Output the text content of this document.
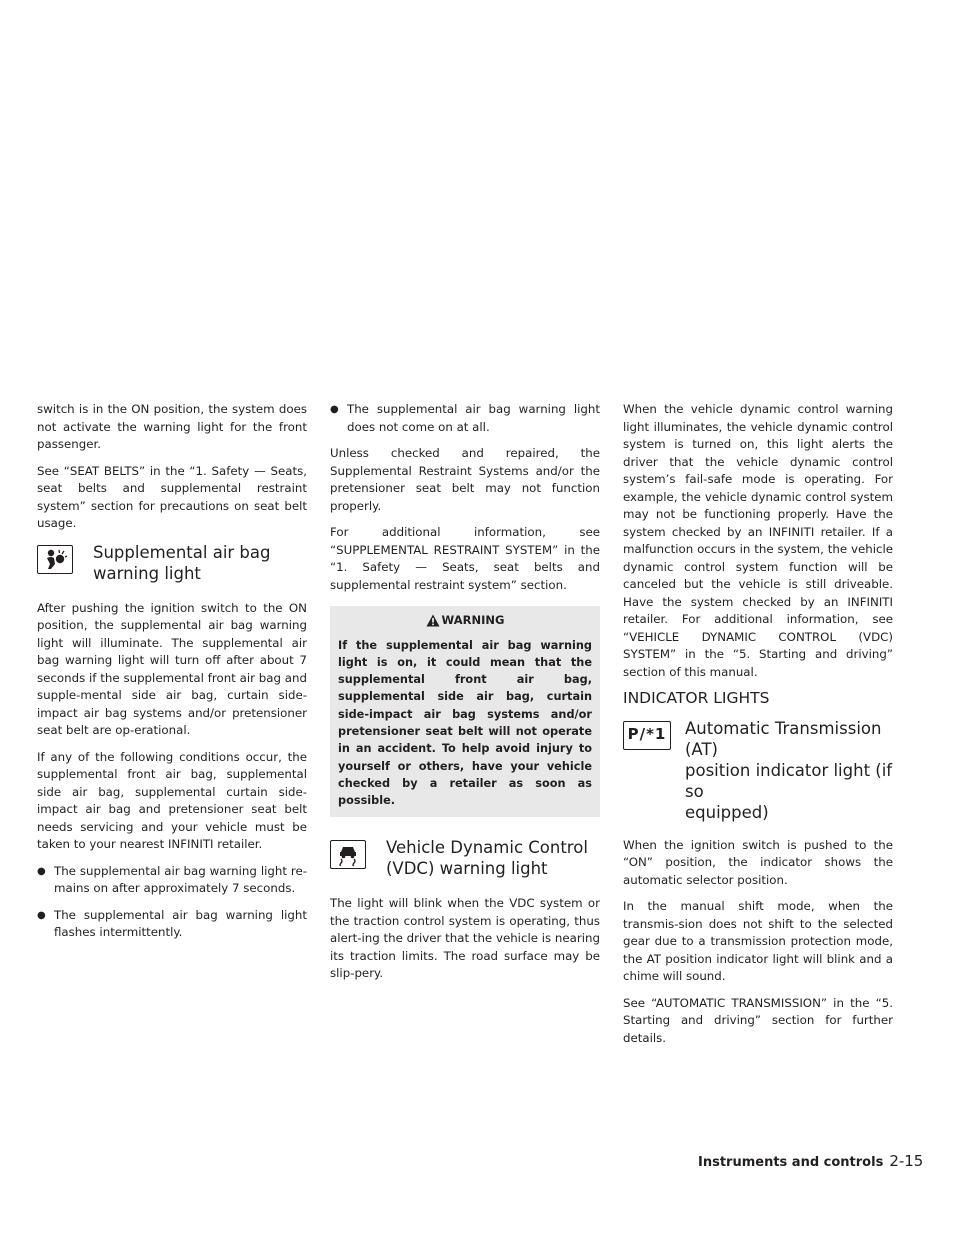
switch is in the ON position, the system does not activate the warning light for the front passenger.

See “SEAT BELTS” in the “1. Safety — Seats, seat belts and supplemental restraint system” section for precautions on seat belt usage.

Supplemental air bag
warning light

After pushing the ignition switch to the ON position, the supplemental air bag warning light will illuminate. The supplemental air bag warning light will turn off after about 7 seconds if the supplemental front air bag and supple-mental side air bag, curtain side-impact air bag systems and/or pretensioner seat belt are op-erational.

If any of the following conditions occur, the supplemental front air bag, supplemental side air bag, supplemental curtain side-impact air bag and pretensioner seat belt needs servicing and your vehicle must be taken to your nearest INFINITI retailer.

● The supplemental air bag warning light re-mains on after approximately 7 seconds.
● The supplemental air bag warning light flashes intermittently.
● The supplemental air bag warning light does not come on at all.

Unless checked and repaired, the Supplemental Restraint Systems and/or the pretensioner seat belt may not function properly.

For additional information, see “SUPPLEMENTAL RESTRAINT SYSTEM” in the “1. Safety — Seats, seat belts and supplemental restraint system” section.

WARNING
If the supplemental air bag warning light is on, it could mean that the supplemental front air bag, supplemental side air bag, curtain side-impact air bag systems and/or pretensioner seat belt will not operate in an accident. To help avoid injury to yourself or others, have your vehicle checked by a retailer as soon as possible.
Vehicle Dynamic Control
(VDC) warning light

The light will blink when the VDC system or the traction control system is operating, thus alert-ing the driver that the vehicle is nearing its traction limits. The road surface may be slip-pery.

When the vehicle dynamic control warning light illuminates, the vehicle dynamic control system is turned on, this light alerts the driver that the vehicle dynamic control system’s fail-safe mode is operating. For example, the vehicle dynamic control system may not be functioning properly. Have the system checked by an INFINITI retailer. If a malfunction occurs in the system, the vehicle dynamic control system function will be canceled but the vehicle is still driveable. Have the system checked by an INFINITI retailer. For additional information, see “VEHICLE DYNAMIC CONTROL (VDC) SYSTEM” in the “5. Starting and driving” section of this manual.

INDICATOR LIGHTS
P/*1 Automatic Transmission (AT)
position indicator light (if so
equipped)

When the ignition switch is pushed to the “ON” position, the indicator shows the automatic selector position.

In the manual shift mode, when the transmis-sion does not shift to the selected gear due to a transmission protection mode, the AT position indicator light will blink and a chime will sound.

See “AUTOMATIC TRANSMISSION” in the “5. Starting and driving” section for further details.

Instruments and controls 2-15
